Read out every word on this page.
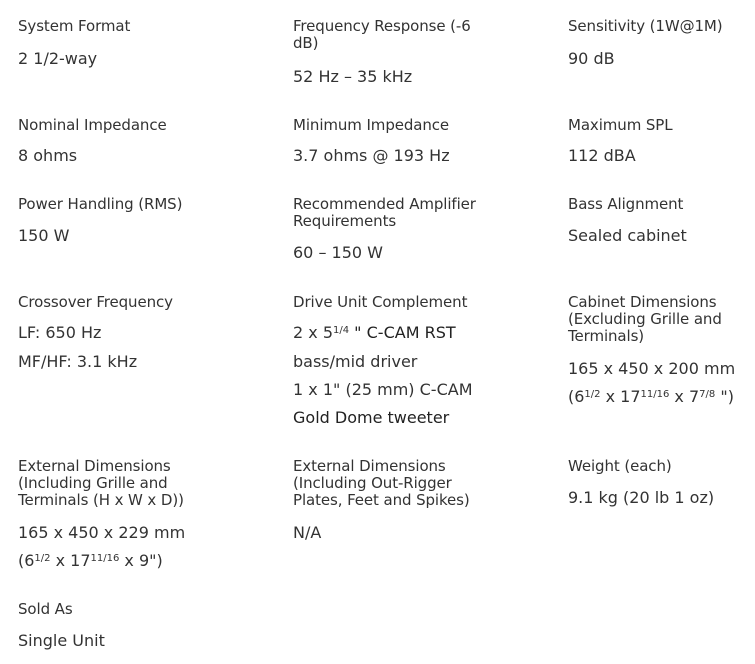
System Format
2 1/2-way
Frequency Response (-6 dB)
52 Hz – 35 kHz
Sensitivity (1W@1M)
90 dB
Nominal Impedance
8 ohms
Minimum Impedance
3.7 ohms @ 193 Hz
Maximum SPL
112 dBA
Power Handling (RMS)
150 W
Recommended Amplifier Requirements
60 – 150 W
Bass Alignment
Sealed cabinet
Crossover Frequency
LF: 650 Hz
MF/HF: 3.1 kHz
Drive Unit Complement
2 x $5^{1/4}$ " C-CAM RST
bass/mid driver
1 x 1" (25 mm) C-CAM
Gold Dome tweeter
Cabinet Dimensions (Excluding Grille and Terminals)
165 x 450 x 200 mm
($6^{1/2}$ x $17^{11/16}$ x $7^{7/8}$ ")
External Dimensions (Including Grille and Terminals (H x W x D))
165 x 450 x 229 mm
($6^{1/2}$ x $17^{11/16}$ x 9")
External Dimensions (Including Out-Rigger Plates, Feet and Spikes)
N/A
Weight (each)
9.1 kg (20 lb 1 oz)
Sold As
Single Unit
